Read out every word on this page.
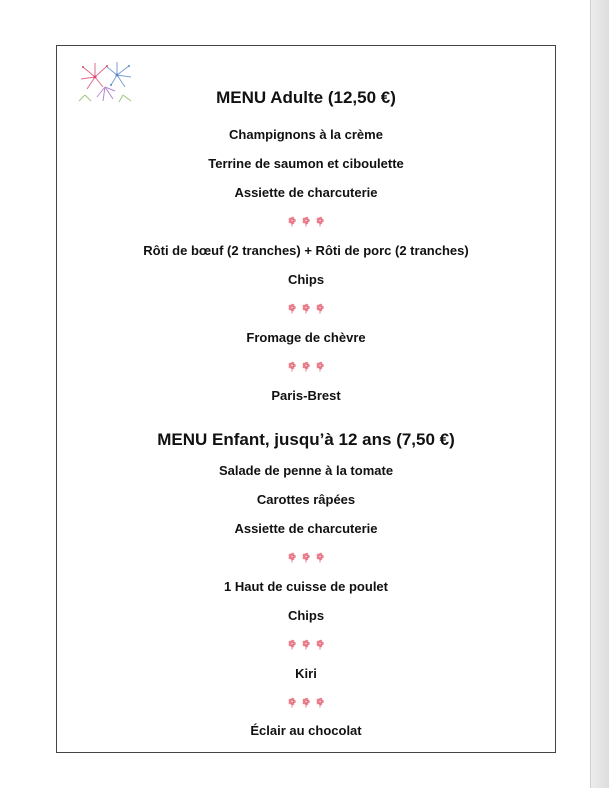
MENU Adulte (12,50 €)
Champignons à la crème
Terrine de saumon et ciboulette
Assiette de charcuterie
Rôti de bœuf (2 tranches) + Rôti de porc (2 tranches)
Chips
Fromage de chèvre
Paris-Brest
MENU Enfant, jusqu’à 12 ans (7,50 €)
Salade de penne à la tomate
Carottes râpées
Assiette de charcuterie
1 Haut de cuisse de poulet
Chips
Kiri
Éclair au chocolat
